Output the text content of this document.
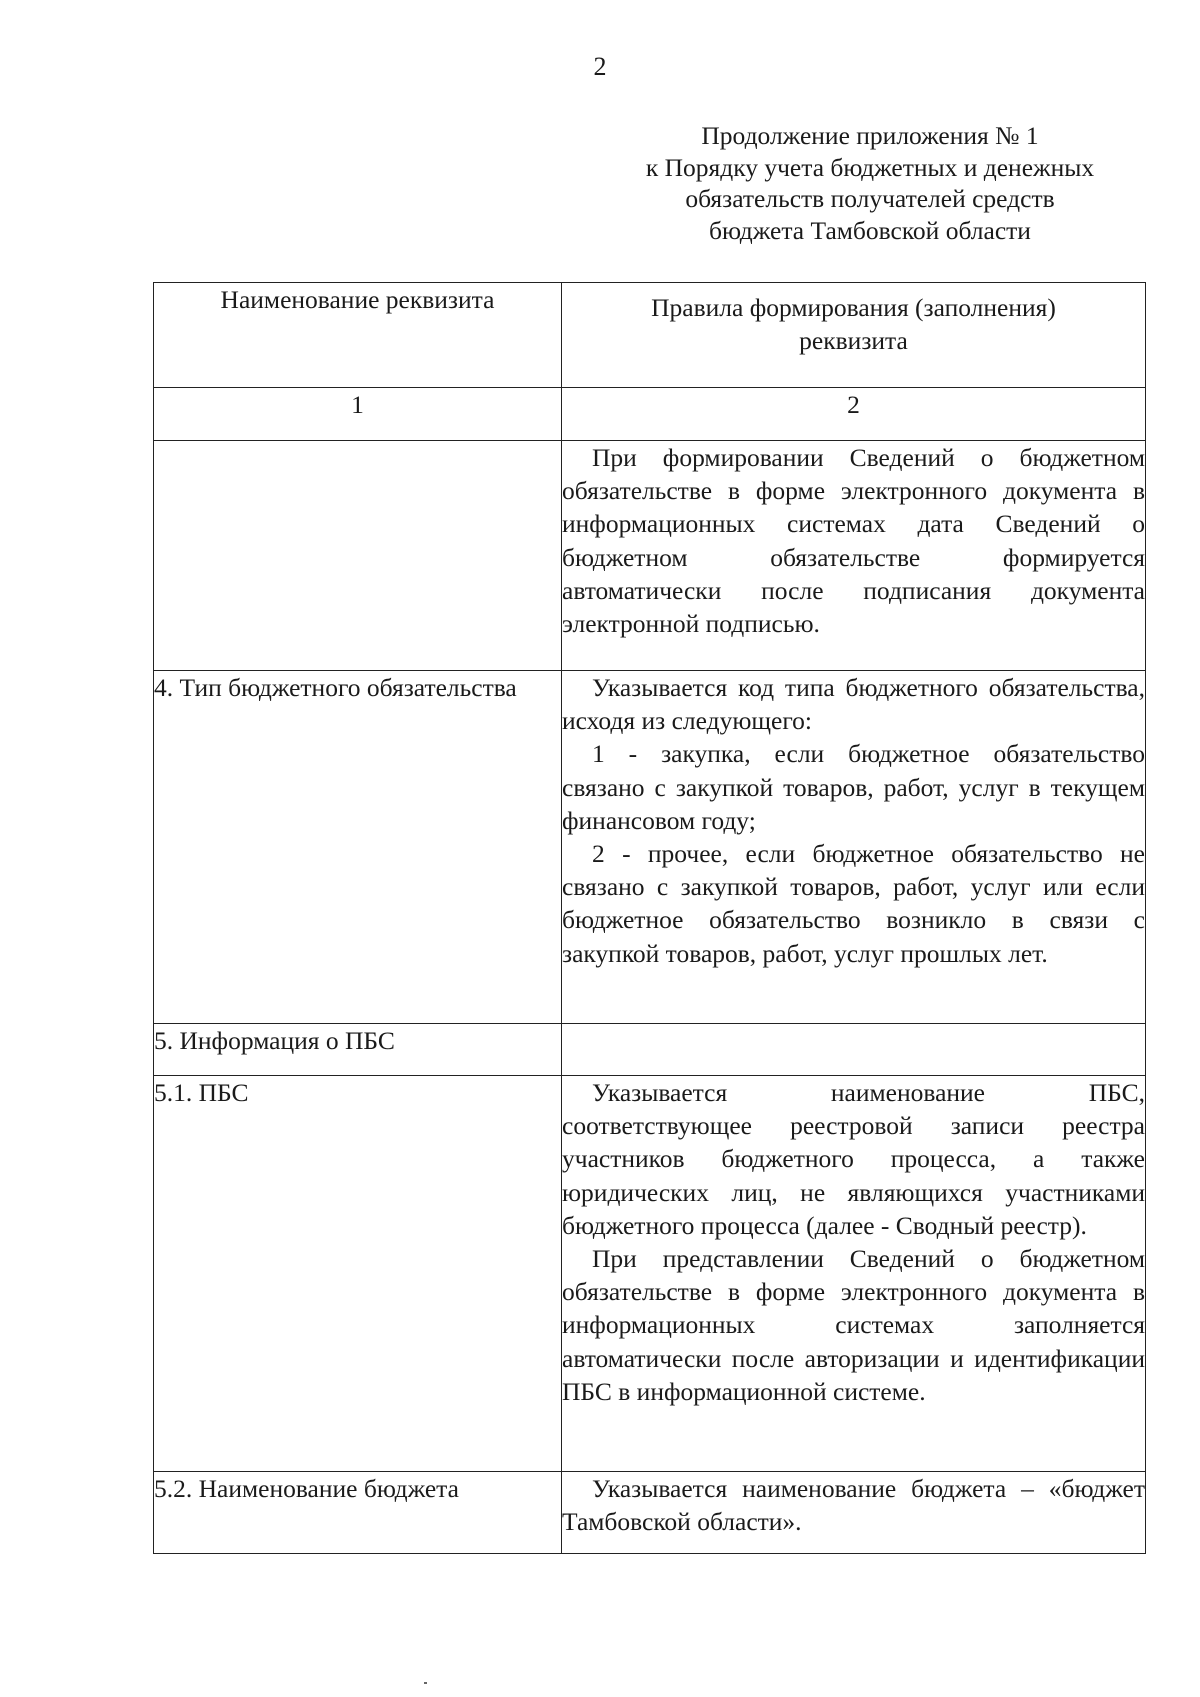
2
Продолжение приложения № 1
к Порядку учета бюджетных и денежных
обязательств получателей средств
бюджета Тамбовской области
Наименование реквизита	Правила формирования (заполнения) реквизита
1	2

	При формировании Сведений о бюджетном обязательстве в форме электронного документа в информационных системах дата Сведений о бюджетном обязательстве формируется автоматически после подписания документа электронной подписью.

4. Тип бюджетного обязательства	Указывается код типа бюджетного обязательства, исходя из следующего:

1 - закупка, если бюджетное обязательство связано с закупкой товаров, работ, услуг в текущем финансовом году;

2 - прочее, если бюджетное обязательство не связано с закупкой товаров, работ, услуг или если бюджетное обязательство возникло в связи с закупкой товаров, работ, услуг прошлых лет.

5. Информация о ПБС	
5.1. ПБС	Указывается наименование ПБС, соответствующее реестровой записи реестра участников бюджетного процесса, а также юридических лиц, не являющихся участниками бюджетного процесса (далее - Сводный реестр).

При представлении Сведений о бюджетном обязательстве в форме электронного документа в информационных системах заполняется автоматически после авторизации и идентификации ПБС в информационной системе.

5.2. Наименование бюджета	Указывается наименование бюджета – «бюджет Тамбовской области».
